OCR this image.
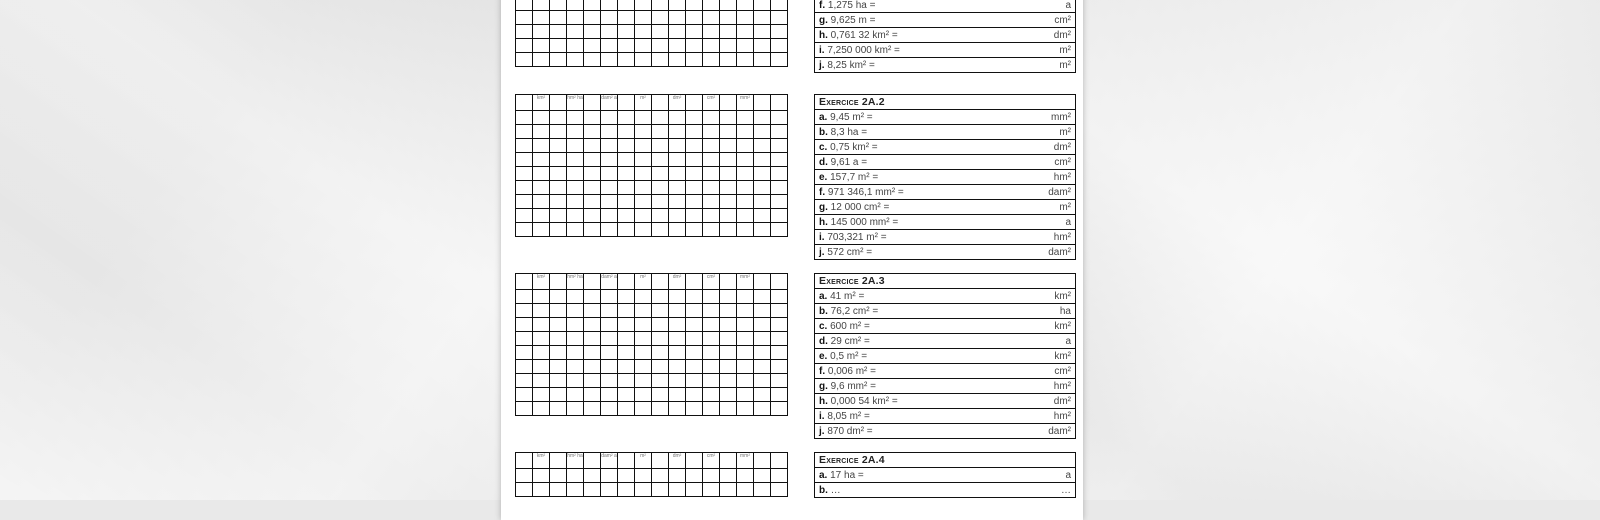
f. 1,275 ha =	a

g. 9,625 m =	cm²

h. 0,761 32 km² =	dm²

i. 7,250 000 km² =	m²

j. 8,25 km² =	m²
	km²		hm² ha		dam² a		m²		dm²		cm²		mm²		

																Exercice 2A.2
a. 9,45 m² =	mm²

b. 8,3 ha =	m²

c. 0,75 km² =	dm²

d. 9,61 a =	cm²

e. 157,7 m² =	hm²

f. 971 346,1 mm² =	dam²

g. 12 000 cm² =	m²

h. 145 000 mm² =	a

i. 703,321 m² =	hm²

j. 572 cm² =	dam²
	km²		hm² ha		dam² a		m²		dm²		cm²		mm²		

																Exercice 2A.3
a. 41 m² =	km²

b. 76,2 cm² =	ha

c. 600 m² =	km²

d. 29 cm² =	a

e. 0,5 m² =	km²

f. 0,006 m² =	cm²

g. 9,6 mm² =	hm²

h. 0,000 54 km² =	dm²

i. 8,05 m² =	hm²

j. 870 dm² =	dam²
	km²		hm² ha		dam² a		m²		dm²		cm²		mm²		

																Exercice 2A.4
a. 17 ha =	a

b. …	…
